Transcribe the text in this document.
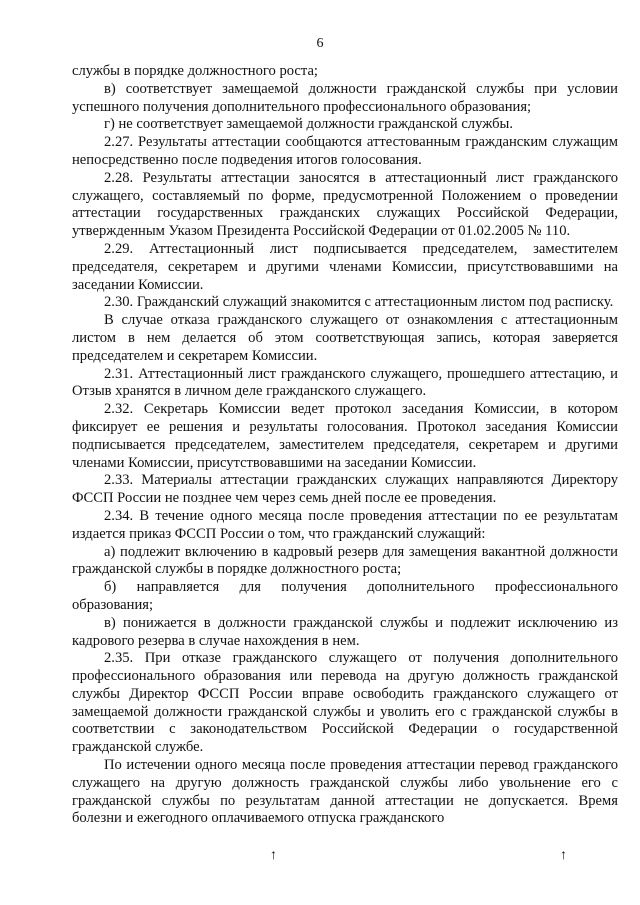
6

службы в порядке должностного роста;

в) соответствует замещаемой должности гражданской службы при условии успешного получения дополнительного профессионального образования;

г) не соответствует замещаемой должности гражданской службы.

2.27. Результаты аттестации сообщаются аттестованным гражданским служащим непосредственно после подведения итогов голосования.

2.28. Результаты аттестации заносятся в аттестационный лист гражданского служащего, составляемый по форме, предусмотренной Положением о проведении аттестации государственных гражданских служащих Российской Федерации, утвержденным Указом Президента Российской Федерации от 01.02.2005 № 110.

2.29. Аттестационный лист подписывается председателем, заместителем председателя, секретарем и другими членами Комиссии, присутствовавшими на заседании Комиссии.

2.30. Гражданский служащий знакомится с аттестационным листом под расписку.

В случае отказа гражданского служащего от ознакомления с аттестационным листом в нем делается об этом соответствующая запись, которая заверяется председателем и секретарем Комиссии.

2.31. Аттестационный лист гражданского служащего, прошедшего аттестацию, и Отзыв хранятся в личном деле гражданского служащего.

2.32. Секретарь Комиссии ведет протокол заседания Комиссии, в котором фиксирует ее решения и результаты голосования. Протокол заседания Комиссии подписывается председателем, заместителем председателя, секретарем и другими членами Комиссии, присутствовавшими на заседании Комиссии.

2.33. Материалы аттестации гражданских служащих направляются Директору ФССП России не позднее чем через семь дней после ее проведения.

2.34. В течение одного месяца после проведения аттестации по ее результатам издается приказ ФССП России о том, что гражданский служащий:

а) подлежит включению в кадровый резерв для замещения вакантной должности гражданской службы в порядке должностного роста;

б) направляется для получения дополнительного профессионального образования;

в) понижается в должности гражданской службы и подлежит исключению из кадрового резерва в случае нахождения в нем.

2.35. При отказе гражданского служащего от получения дополнительного профессионального образования или перевода на другую должность гражданской службы Директор ФССП России вправе освободить гражданского служащего от замещаемой должности гражданской службы и уволить его с гражданской службы в соответствии с законодательством Российской Федерации о государственной гражданской службе.

По истечении одного месяца после проведения аттестации перевод гражданского служащего на другую должность гражданской службы либо увольнение его с гражданской службы по результатам данной аттестации не допускается. Время болезни и ежегодного оплачиваемого отпуска гражданского

↑	↑
